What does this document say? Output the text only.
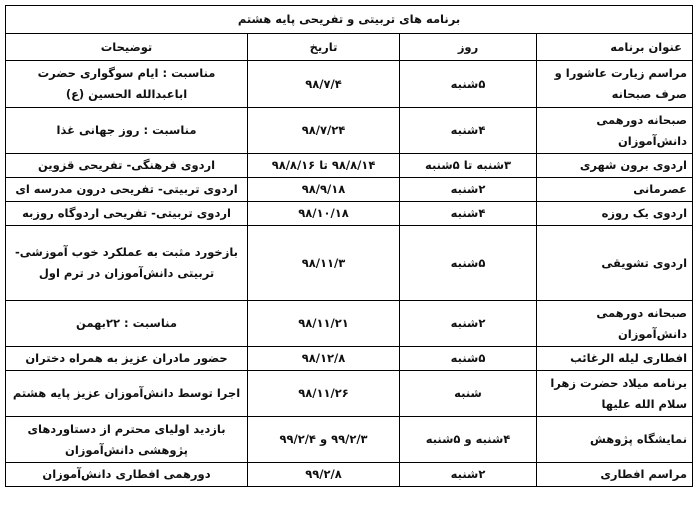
برنامه های تربیتی و تفریحی پایه هشتم			
عنوان برنامه	روز	تاریخ	توضیحات
مراسم زیارت عاشورا و صرف صبحانه	۵شنبه	۹۸/۷/۴	مناسبت : ایام سوگواری حضرت اباعبدالله الحسین (ع)
صبحانه دورهمی دانش‌آموزان	۴شنبه	۹۸/۷/۲۴	مناسبت : روز جهانی غذا
اردوی برون شهری	۳شنبه تا ۵شنبه	۹۸/۸/۱۴ تا ۹۸/۸/۱۶	اردوی فرهنگی- تفریحی قزوین
عصرمانی	۲شنبه	۹۸/۹/۱۸	اردوی تربیتی- تفریحی درون مدرسه ای
اردوی یک روزه	۴شنبه	۹۸/۱۰/۱۸	اردوی تربیتی- تفریحی اردوگاه روزبه
اردوی تشویقی	۵شنبه	۹۸/۱۱/۳	بازخورد مثبت به عملکرد خوب آموزشی- تربیتی دانش‌آموزان در ترم اول
صبحانه دورهمی دانش‌آموزان	۲شنبه	۹۸/۱۱/۲۱	مناسبت : ۲۲بهمن
افطاری لیله الرغائب	۵شنبه	۹۸/۱۲/۸	حضور مادران عزیز به همراه دختران
برنامه میلاد حضرت زهرا سلام الله علیها	شنبه	۹۸/۱۱/۲۶	اجرا توسط دانش‌آموزان عزیز پایه هشتم
نمایشگاه پژوهش	۴شنبه و ۵شنبه	۹۹/۲/۳ و ۹۹/۲/۴	بازدید اولیای محترم از دستاوردهای پژوهشی دانش‌آموزان
مراسم افطاری	۲شنبه	۹۹/۲/۸	دورهمی افطاری دانش‌آموزان
